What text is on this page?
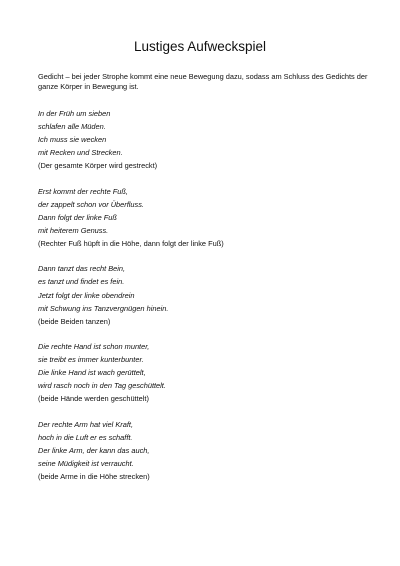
Lustiges Aufweckspiel

Gedicht – bei jeder Strophe kommt eine neue Bewegung dazu, sodass am Schluss des Gedichts der ganze Körper in Bewegung ist.

In der Früh um sieben
schlafen alle Müden.
Ich muss sie wecken
mit Recken und Strecken.
(Der gesamte Körper wird gestreckt)
Erst kommt der rechte Fuß,
der zappelt schon vor Überfluss.
Dann folgt der linke Fuß
mit heiterem Genuss.
(Rechter Fuß hüpft in die Höhe, dann folgt der linke Fuß)
Dann tanzt das recht Bein,
es tanzt und findet es fein.
Jetzt folgt der linke obendrein
mit Schwung ins Tanzvergnügen hinein.
(beide Beiden tanzen)
Die rechte Hand ist schon munter,
sie treibt es immer kunterbunter.
Die linke Hand ist wach gerüttelt,
wird rasch noch in den Tag geschüttelt.
(beide Hände werden geschüttelt)
Der rechte Arm hat viel Kraft,
hoch in die Luft er es schafft.
Der linke Arm, der kann das auch,
seine Müdigkeit ist verraucht.
(beide Arme in die Höhe strecken)
